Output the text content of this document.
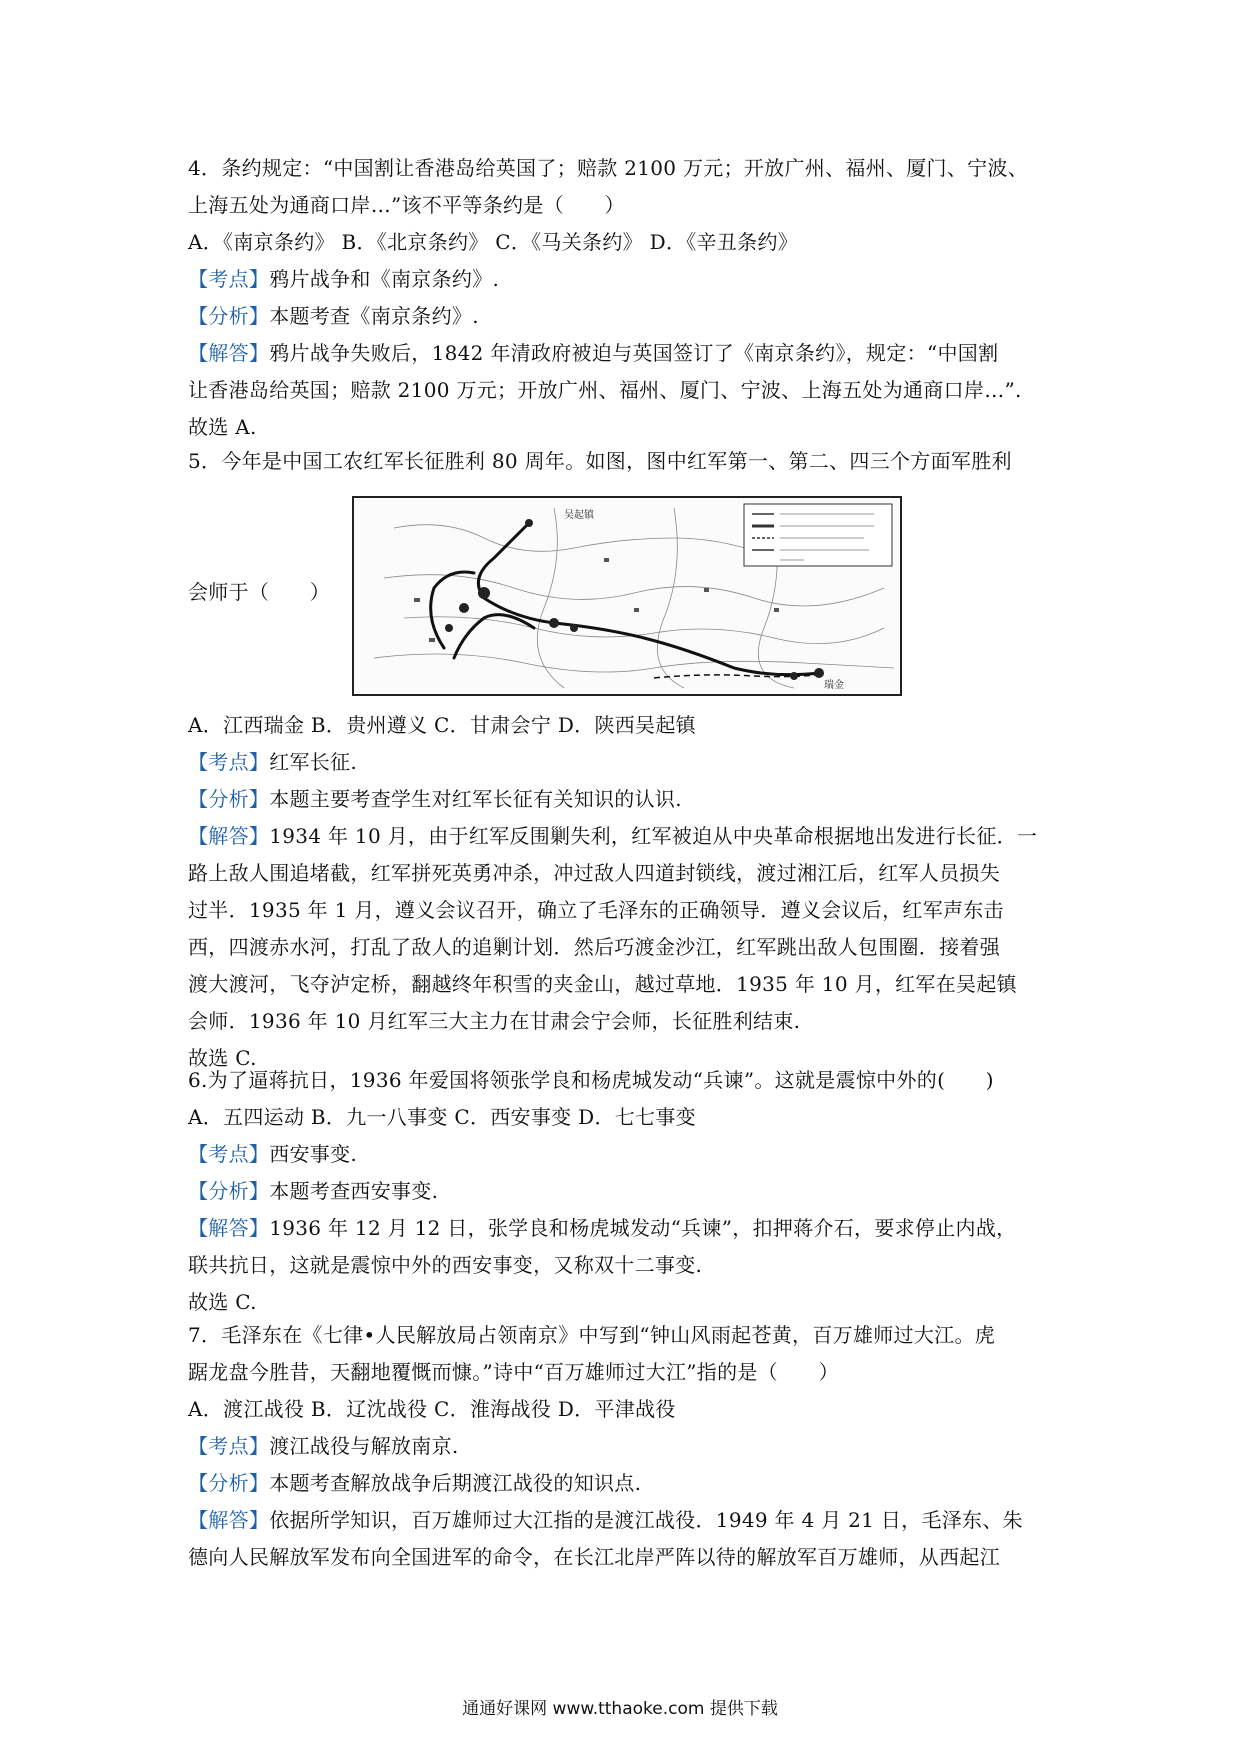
4．条约规定：“中国割让香港岛给英国了；赔款 2100 万元；开放广州、福州、厦门、宁波、
上海五处为通商口岸…”该不平等条约是（　　）
A．《南京条约》 B．《北京条约》 C．《马关条约》 D．《辛丑条约》
【考点】鸦片战争和《南京条约》.
【分析】本题考查《南京条约》.
【解答】鸦片战争失败后，1842 年清政府被迫与英国签订了《南京条约》，规定：“中国割
让香港岛给英国；赔款 2100 万元；开放广州、福州、厦门、宁波、上海五处为通商口岸…”.
故选 A.
5．今年是中国工农红军长征胜利 80 周年。如图，图中红军第一、第二、四三个方面军胜利
会师于（　　）
吴起镇
瑞金
A．江西瑞金 B．贵州遵义 C．甘肃会宁 D．陕西吴起镇
【考点】红军长征.
【分析】本题主要考查学生对红军长征有关知识的认识.
【解答】1934 年 10 月，由于红军反围剿失利，红军被迫从中央革命根据地出发进行长征．一
路上敌人围追堵截，红军拼死英勇冲杀，冲过敌人四道封锁线，渡过湘江后，红军人员损失
过半．1935 年 1 月，遵义会议召开，确立了毛泽东的正确领导．遵义会议后，红军声东击
西，四渡赤水河，打乱了敌人的追剿计划．然后巧渡金沙江，红军跳出敌人包围圈．接着强
渡大渡河，飞夺泸定桥，翻越终年积雪的夹金山，越过草地．1935 年 10 月，红军在吴起镇
会师．1936 年 10 月红军三大主力在甘肃会宁会师，长征胜利结束.
故选 C.
6.为了逼蒋抗日，1936 年爱国将领张学良和杨虎城发动“兵谏”。这就是震惊中外的(　　)
A．五四运动 B．九一八事变 C．西安事变 D．七七事变
【考点】西安事变.
【分析】本题考查西安事变.
【解答】1936 年 12 月 12 日，张学良和杨虎城发动“兵谏”，扣押蒋介石，要求停止内战，
联共抗日，这就是震惊中外的西安事变，又称双十二事变.
故选 C.
7．毛泽东在《七律•人民解放局占领南京》中写到“钟山风雨起苍黄，百万雄师过大江。虎
踞龙盘今胜昔，天翻地覆慨而慷。”诗中“百万雄师过大江”指的是（　　）
A．渡江战役 B．辽沈战役 C．淮海战役 D．平津战役
【考点】渡江战役与解放南京.
【分析】本题考查解放战争后期渡江战役的知识点.
【解答】依据所学知识，百万雄师过大江指的是渡江战役．1949 年 4 月 21 日，毛泽东、朱
德向人民解放军发布向全国进军的命令，在长江北岸严阵以待的解放军百万雄师，从西起江
通通好课网 www.tthaoke.com 提供下载
